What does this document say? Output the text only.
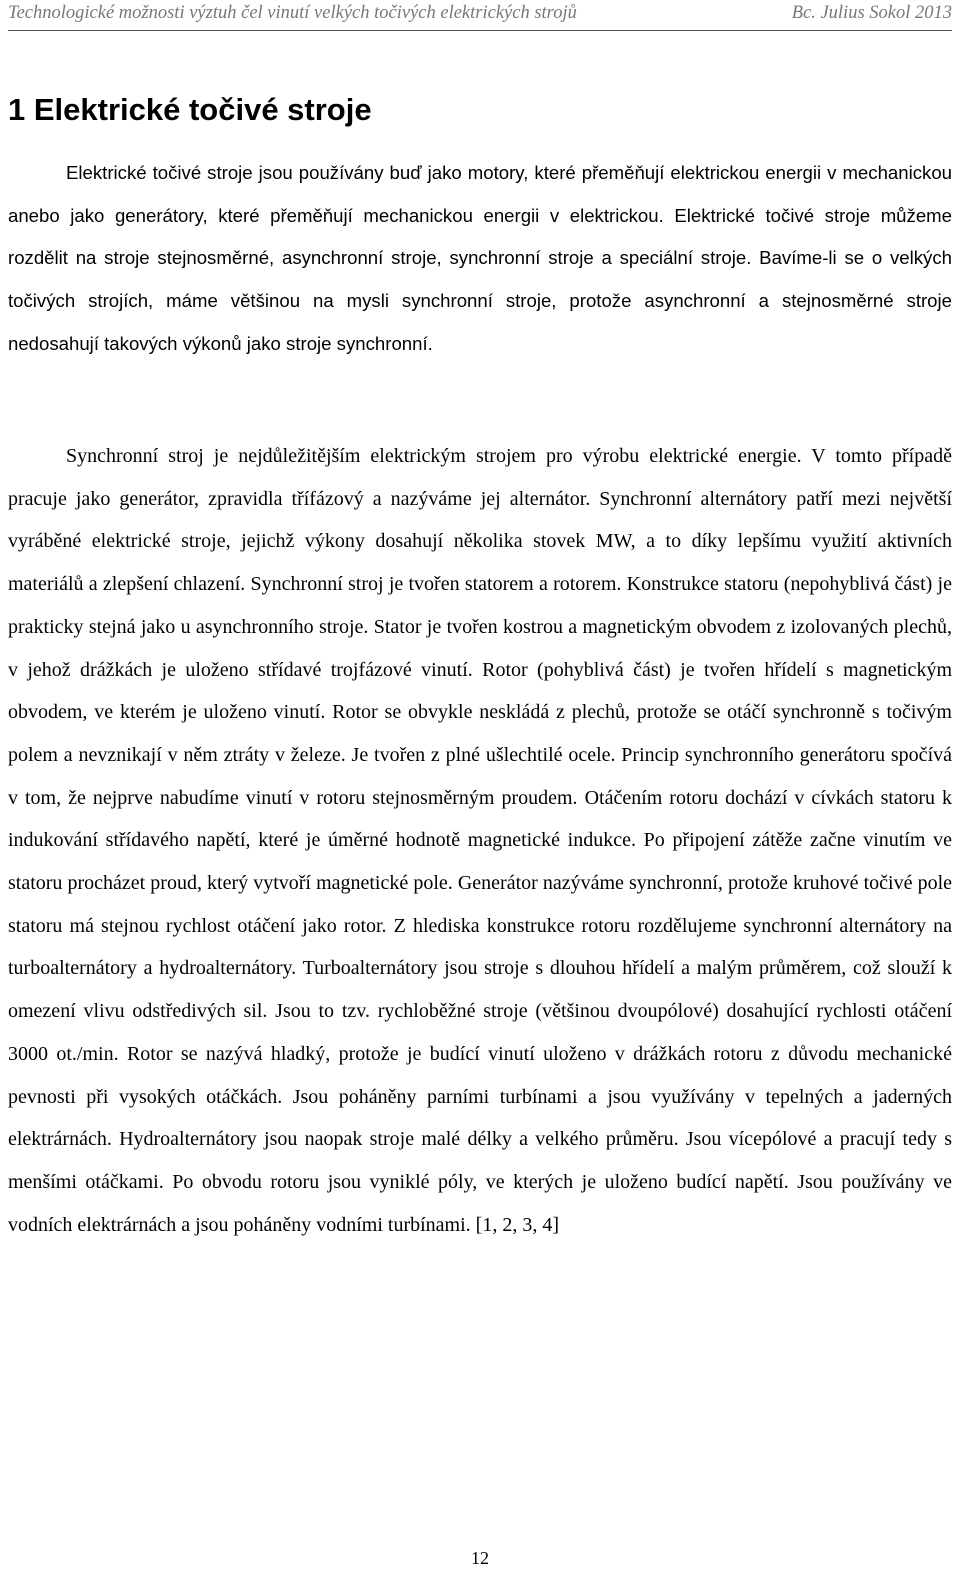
Technologické možnosti výztuh čel vinutí velkých točivých elektrických strojů	Bc. Julius Sokol 2013
1 Elektrické točivé stroje

Elektrické točivé stroje jsou používány buď jako motory, které přeměňují elektrickou energii v mechanickou anebo jako generátory, které přeměňují mechanickou energii v elektrickou. Elektrické točivé stroje můžeme rozdělit na stroje stejnosměrné, asynchronní stroje, synchronní stroje a speciální stroje. Bavíme-li se o velkých točivých strojích, máme většinou na mysli synchronní stroje, protože asynchronní a stejnosměrné stroje nedosahují takových výkonů jako stroje synchronní.

Synchronní stroj je nejdůležitějším elektrickým strojem pro výrobu elektrické energie. V tomto případě pracuje jako generátor, zpravidla třífázový a nazýváme jej alternátor. Synchronní alternátory patří mezi největší vyráběné elektrické stroje, jejichž výkony dosahují několika stovek MW, a to díky lepšímu využití aktivních materiálů a zlepšení chlazení. Synchronní stroj je tvořen statorem a rotorem. Konstrukce statoru (nepohyblivá část) je prakticky stejná jako u asynchronního stroje. Stator je tvořen kostrou a magnetickým obvodem z izolovaných plechů, v jehož drážkách je uloženo střídavé trojfázové vinutí. Rotor (pohyblivá část) je tvořen hřídelí s magnetickým obvodem, ve kterém je uloženo vinutí. Rotor se obvykle neskládá z plechů, protože se otáčí synchronně s točivým polem a nevznikají v něm ztráty v železe. Je tvořen z plné ušlechtilé ocele. Princip synchronního generátoru spočívá v tom, že nejprve nabudíme vinutí v rotoru stejnosměrným proudem. Otáčením rotoru dochází v cívkách statoru k indukování střídavého napětí, které je úměrné hodnotě magnetické indukce. Po připojení zátěže začne vinutím ve statoru procházet proud, který vytvoří magnetické pole. Generátor nazýváme synchronní, protože kruhové točivé pole statoru má stejnou rychlost otáčení jako rotor. Z hlediska konstrukce rotoru rozdělujeme synchronní alternátory na turboalternátory a hydroalternátory. Turboalternátory jsou stroje s dlouhou hřídelí a malým průměrem, což slouží k omezení vlivu odstředivých sil. Jsou to tzv. rychloběžné stroje (většinou dvoupólové) dosahující rychlosti otáčení 3000 ot./min. Rotor se nazývá hladký, protože je budící vinutí uloženo v drážkách rotoru z důvodu mechanické pevnosti při vysokých otáčkách. Jsou poháněny parními turbínami a jsou využívány v tepelných a jaderných elektrárnách. Hydroalternátory jsou naopak stroje malé délky a velkého průměru. Jsou vícepólové a pracují tedy s menšími otáčkami. Po obvodu rotoru jsou vyniklé póly, ve kterých je uloženo budící napětí. Jsou používány ve vodních elektrárnách a jsou poháněny vodními turbínami. [1, 2, 3, 4]

12
